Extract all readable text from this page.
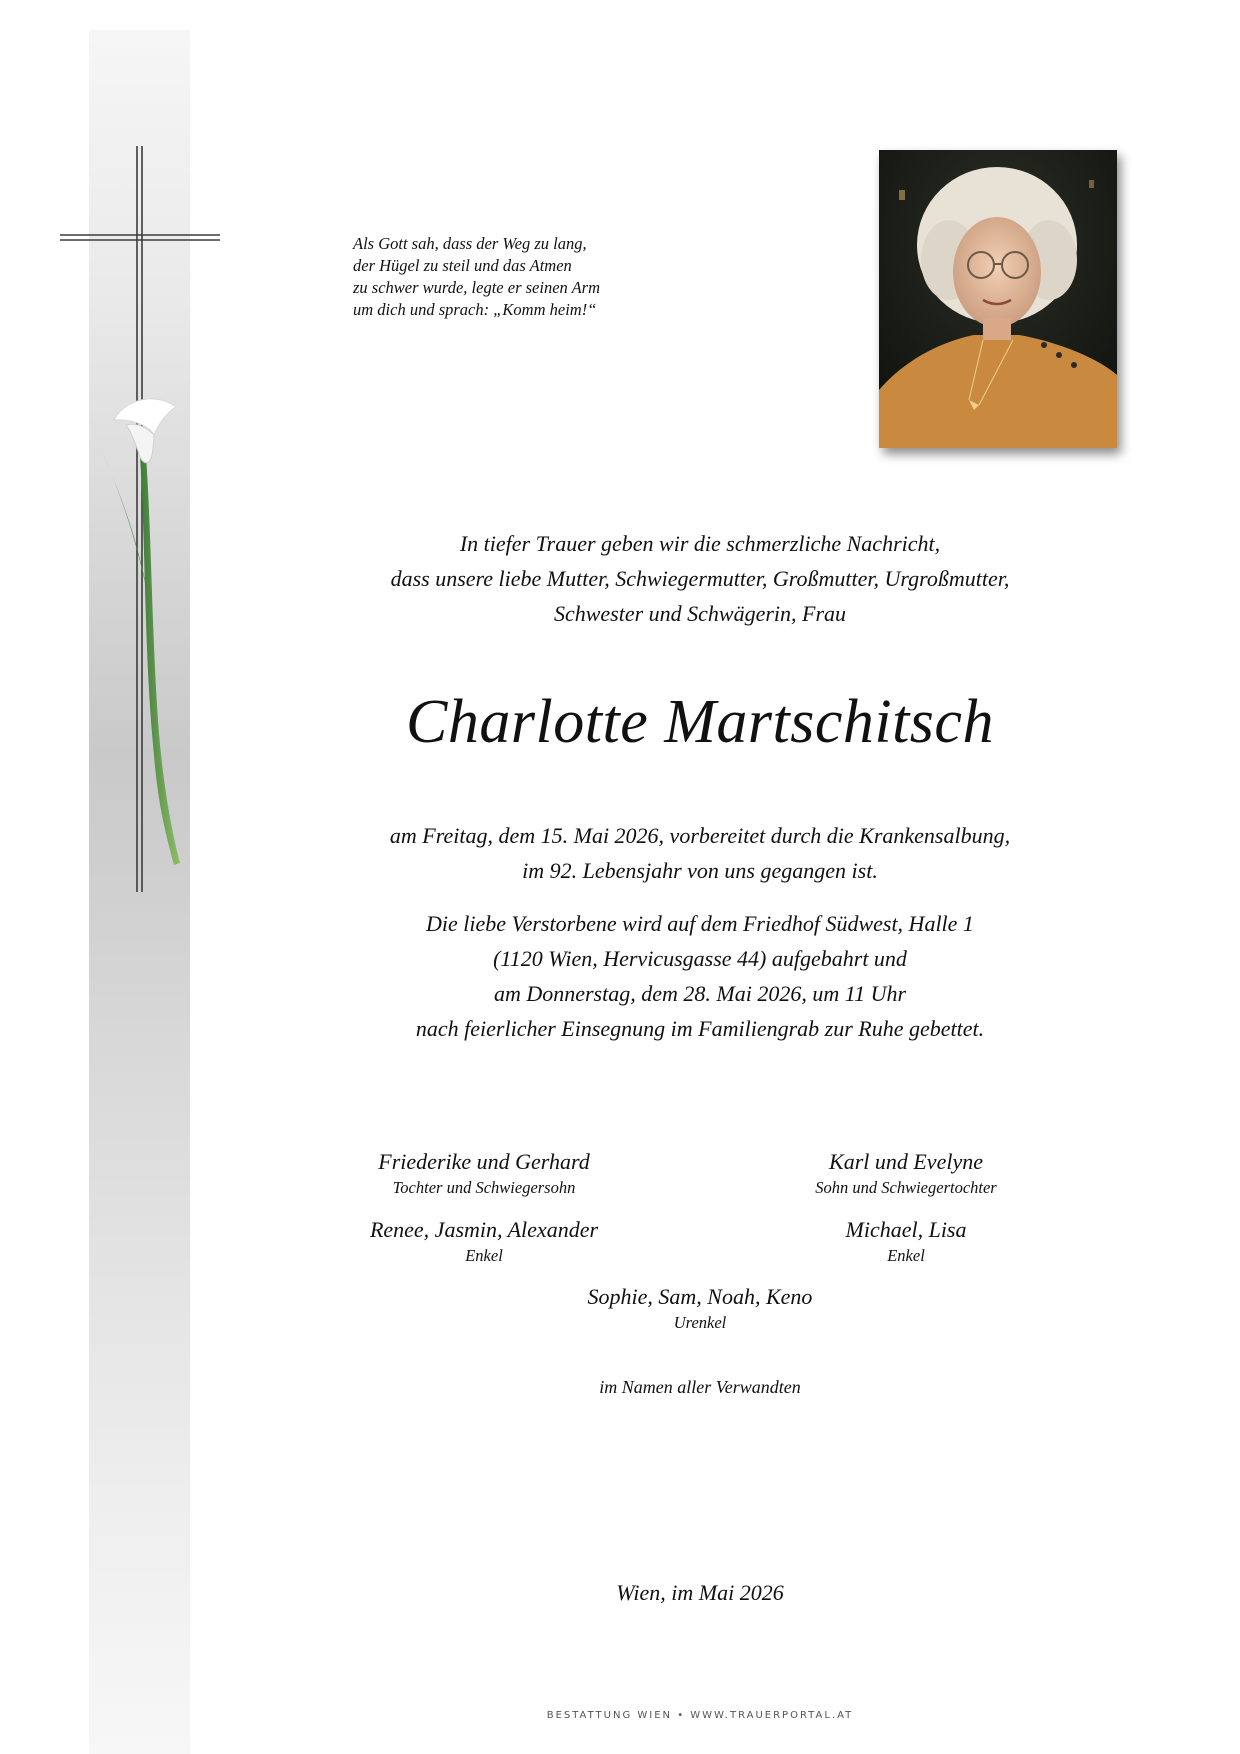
Als Gott sah, dass der Weg zu lang,
der Hügel zu steil und das Atmen
zu schwer wurde, legte er seinen Arm
um dich und sprach: „Komm heim!“
In tiefer Trauer geben wir die schmerzliche Nachricht,
dass unsere liebe Mutter, Schwiegermutter, Großmutter, Urgroßmutter,
Schwester und Schwägerin, Frau
Charlotte Martschitsch
am Freitag, dem 15. Mai 2026, vorbereitet durch die Krankensalbung,
im 92. Lebensjahr von uns gegangen ist.
Die liebe Verstorbene wird auf dem Friedhof Südwest, Halle 1
(1120 Wien, Hervicusgasse 44) aufgebahrt und
am Donnerstag, dem 28. Mai 2026, um 11 Uhr
nach feierlicher Einsegnung im Familiengrab zur Ruhe gebettet.
Friederike und Gerhard
Tochter und Schwiegersohn
Karl und Evelyne
Sohn und Schwiegertochter
Renee, Jasmin, Alexander
Enkel
Michael, Lisa
Enkel
Sophie, Sam, Noah, Keno
Urenkel
im Namen aller Verwandten
Wien, im Mai 2026
BESTATTUNG WIEN • WWW.TRAUERPORTAL.AT
